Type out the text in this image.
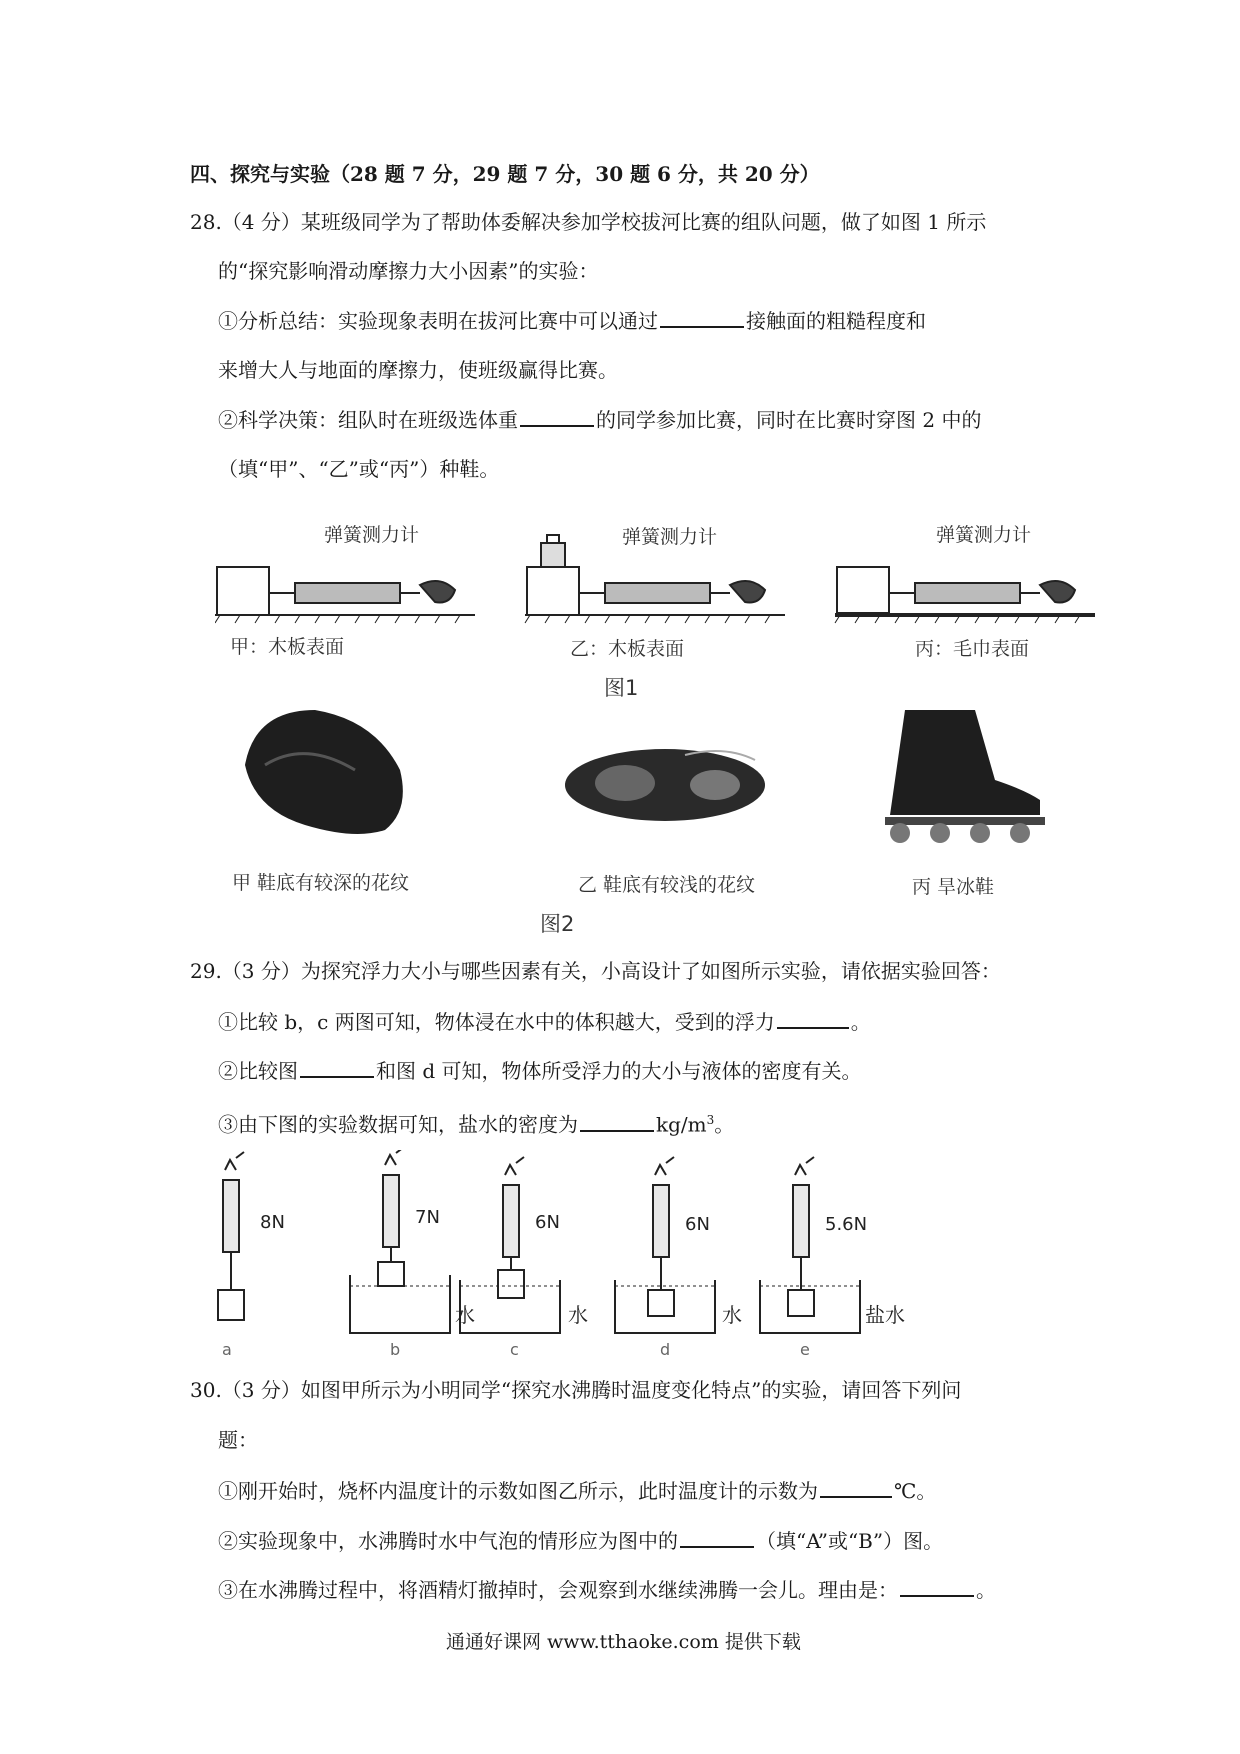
四、探究与实验（28 题 7 分，29 题 7 分，30 题 6 分，共 20 分）
28.（4 分）某班级同学为了帮助体委解决参加学校拔河比赛的组队问题，做了如图 1 所示
的“探究影响滑动摩擦力大小因素”的实验：
①分析总结：实验现象表明在拔河比赛中可以通过	接触面的粗糙程度和
来增大人与地面的摩擦力，使班级赢得比赛。
②科学决策：组队时在班级选体重	的同学参加比赛，同时在比赛时穿图 2 中的
（填“甲”、“乙”或“丙”）种鞋。
弹簧测力计	弹簧测力计	弹簧测力计
甲：木板表面	乙：木板表面	丙：毛巾表面
图1
甲 鞋底有较深的花纹	乙 鞋底有较浅的花纹	丙 旱冰鞋
图2
29.（3 分）为探究浮力大小与哪些因素有关，小高设计了如图所示实验，请依据实验回答：
①比较 b，c 两图可知，物体浸在水中的体积越大，受到的浮力	。
②比较图	和图 d 可知，物体所受浮力的大小与液体的密度有关。
③由下图的实验数据可知，盐水的密度为	$kg/m^3$。
8N
a
7N
水
b
6N
水
c
6N
水
d
5.6N
盐水
e
30.（3 分）如图甲所示为小明同学“探究水沸腾时温度变化特点”的实验，请回答下列问
题：
①刚开始时，烧杯内温度计的示数如图乙所示，此时温度计的示数为	℃。
②实验现象中，水沸腾时水中气泡的情形应为图中的	（填“A”或“B”）图。
③在水沸腾过程中，将酒精灯撤掉时，会观察到水继续沸腾一会儿。理由是：	。
通通好课网 www.tthaoke.com 提供下载
